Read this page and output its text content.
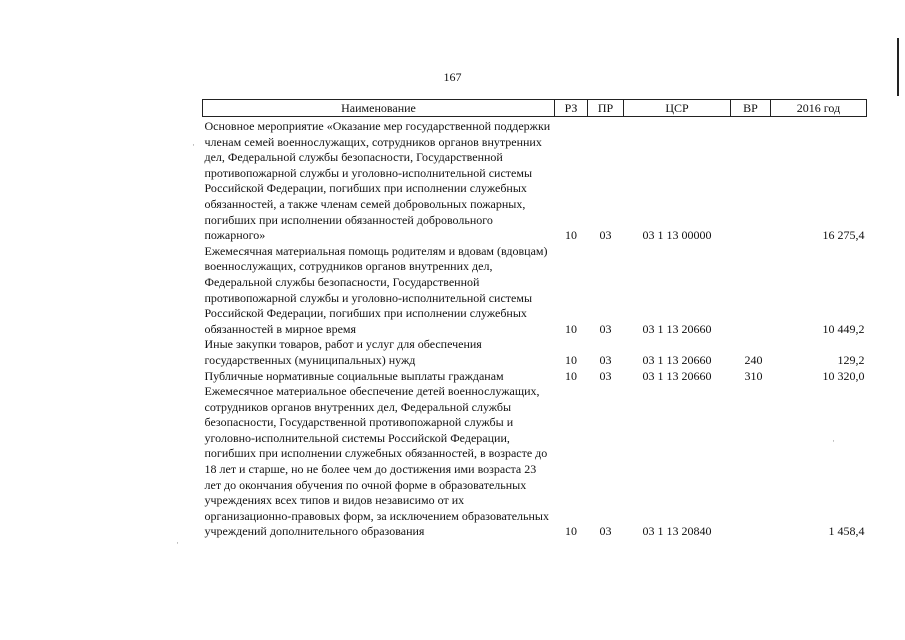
167
·
·
·
Наименование	РЗ	ПР	ЦСР	ВР	2016 год
Основное мероприятие «Оказание мер государственной поддержки членам семей военнослужащих, сотрудников органов внутренних дел, Федеральной службы безопасности, Государственной противопожарной службы и уголовно-исполнительной системы Российской Федерации, погибших при исполнении служебных обязанностей, а также членам семей добровольных пожарных, погибших при исполнении обязанностей добровольного пожарного»	10	03	03 1 13 00000		16 275,4
Ежемесячная материальная помощь родителям и вдовам (вдовцам) военнослужащих, сотрудников органов внутренних дел, Федеральной службы безопасности, Государственной противопожарной службы и уголовно-исполнительной системы Российской Федерации, погибших при исполнении служебных обязанностей в мирное время	10	03	03 1 13 20660		10 449,2
Иные закупки товаров, работ и услуг для обеспечения государственных (муниципальных) нужд	10	03	03 1 13 20660	240	129,2
Публичные нормативные социальные выплаты гражданам	10	03	03 1 13 20660	310	10 320,0
Ежемесячное материальное обеспечение детей военнослужащих, сотрудников органов внутренних дел, Федеральной службы безопасности, Государственной противопожарной службы и уголовно-исполнительной системы Российской Федерации, погибших при исполнении служебных обязанностей, в возрасте до 18 лет и старше, но не более чем до достижения ими возраста 23 лет до окончания обучения по очной форме в образовательных учреждениях всех типов и видов независимо от их организационно-правовых форм, за исключением образовательных учреждений дополнительного образования	10	03	03 1 13 20840		1 458,4
